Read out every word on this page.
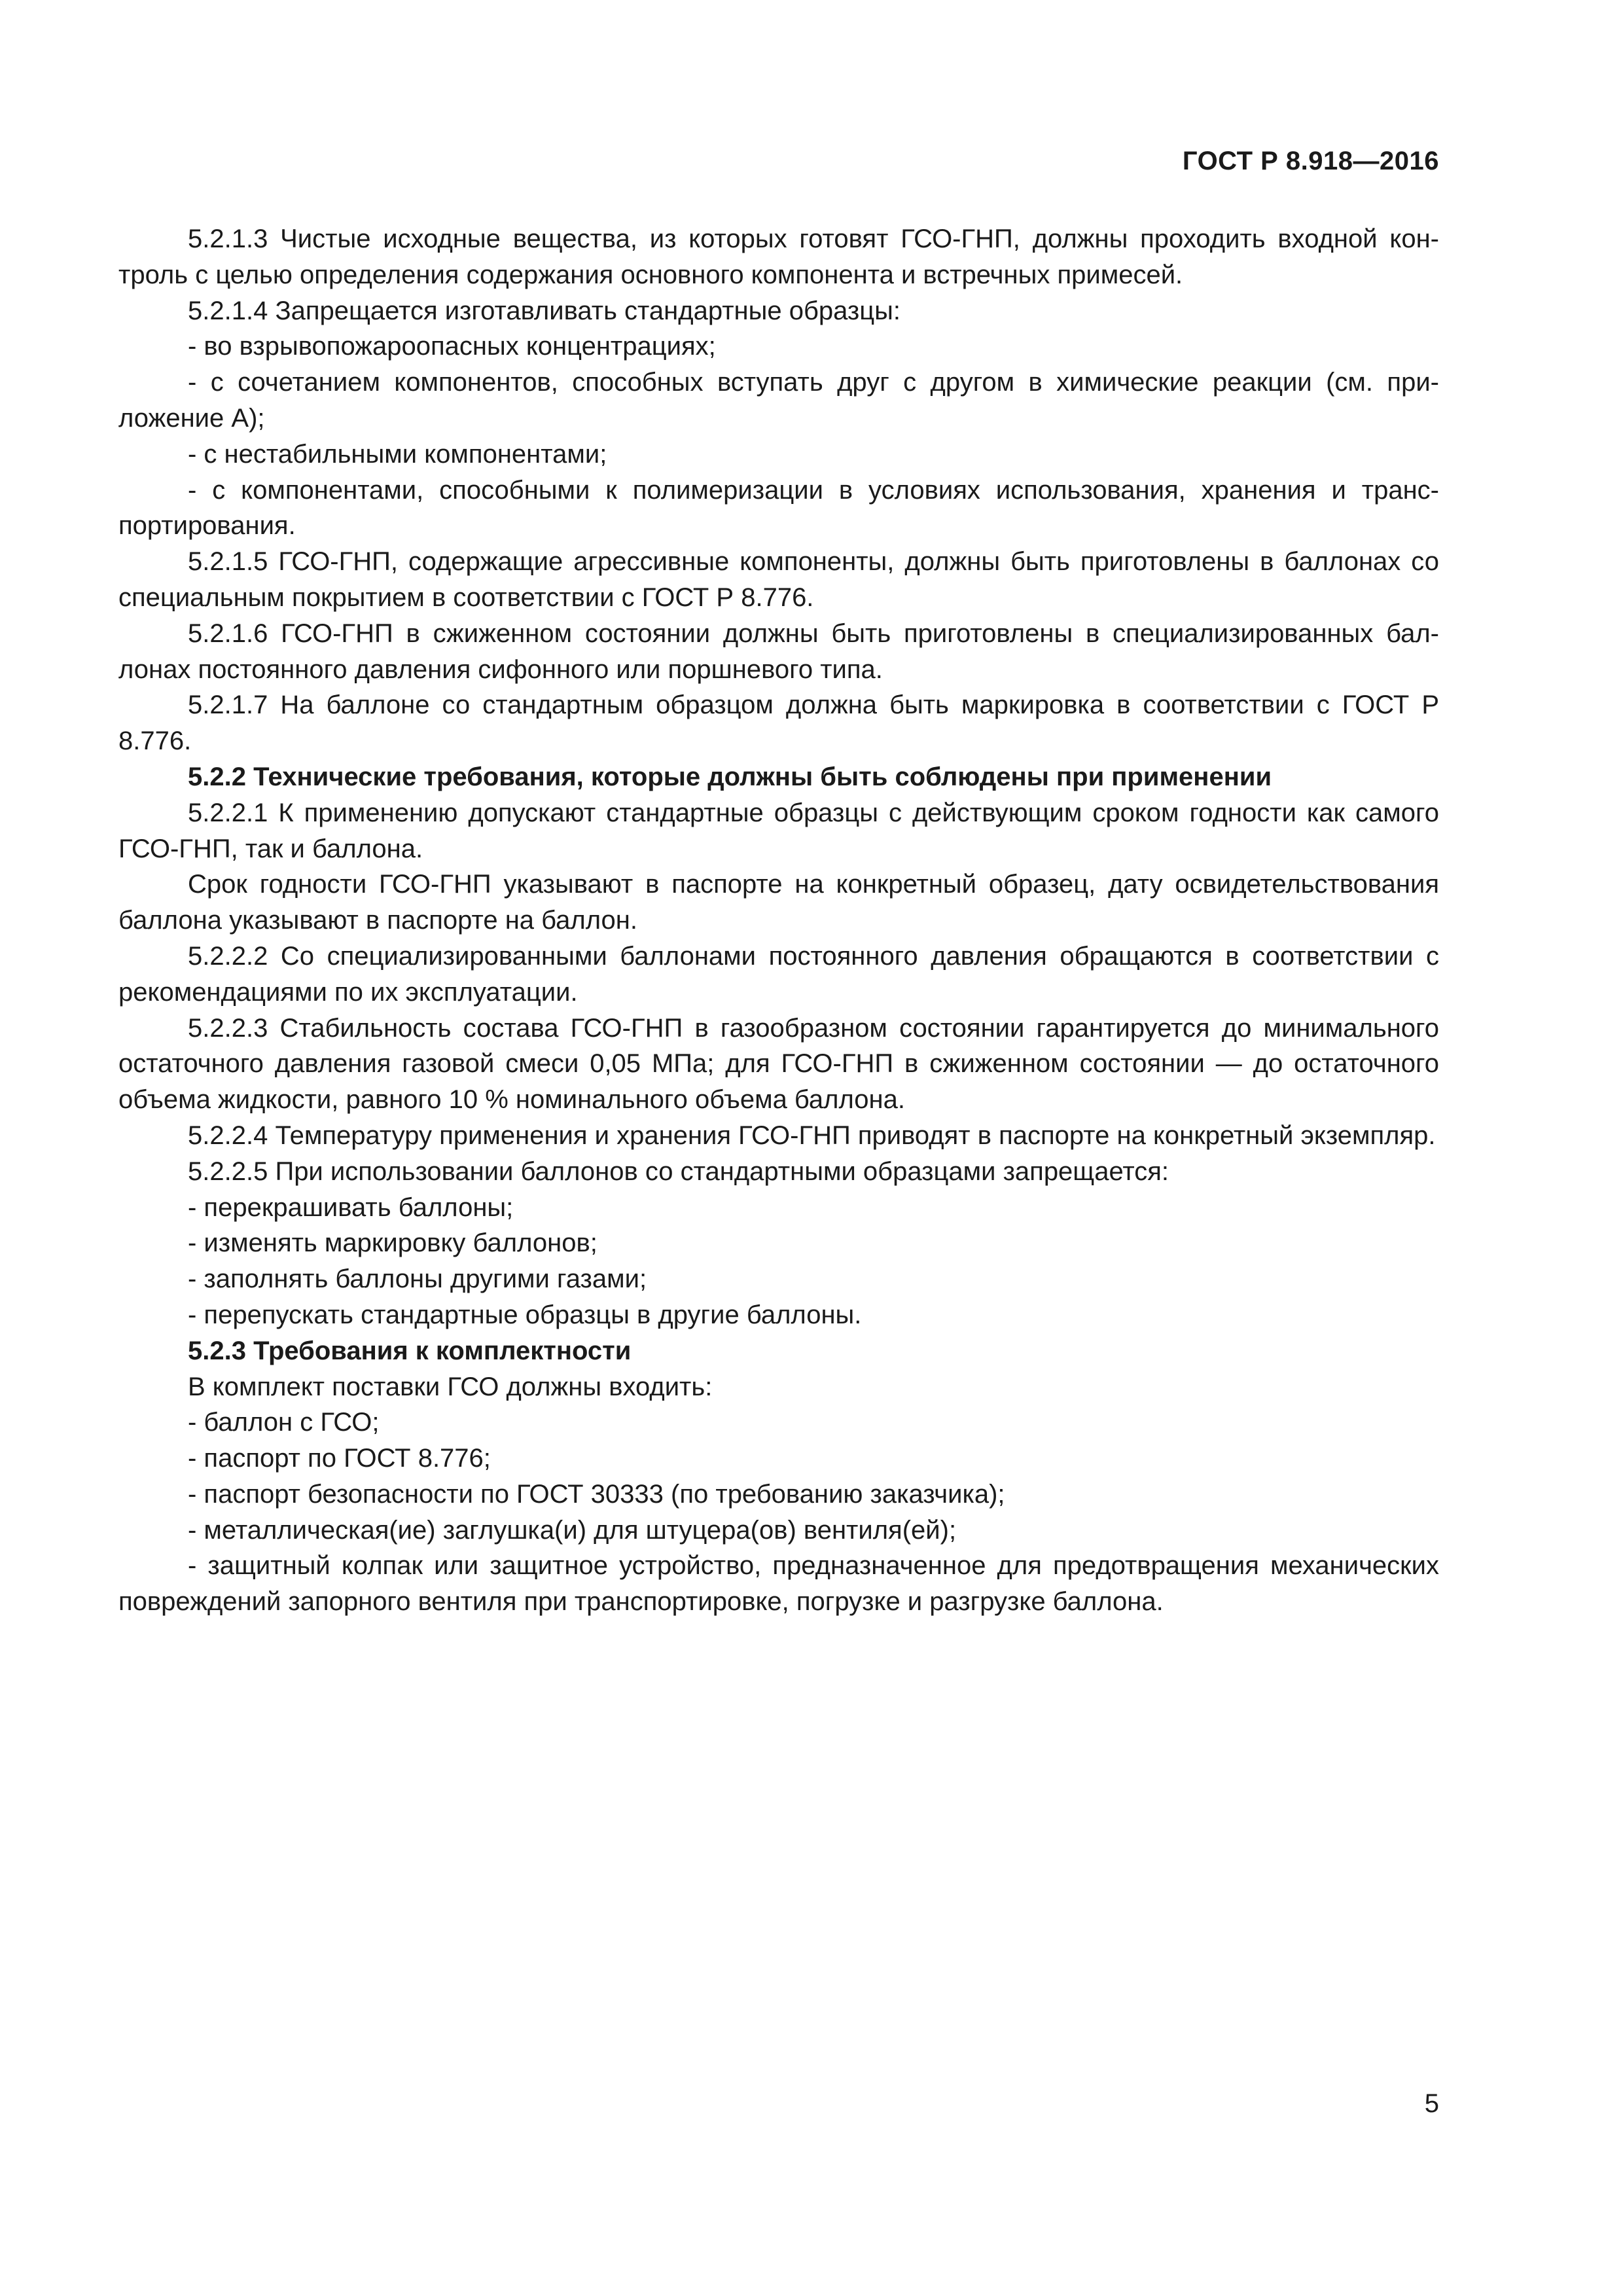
ГОСТ Р 8.918—2016

5.2.1.3 Чистые исходные вещества, из которых готовят ГСО-ГНП, должны проходить входной контроль с целью определения содержания основного компонента и встречных примесей.

5.2.1.4 Запрещается изготавливать стандартные образцы:

- во взрывопожароопасных концентрациях;

- с сочетанием компонентов, способных вступать друг с другом в химические реакции (см. приложение А);

- с нестабильными компонентами;

- с компонентами, способными к полимеризации в условиях использования, хранения и транспортирования.

5.2.1.5 ГСО-ГНП, содержащие агрессивные компоненты, должны быть приготовлены в баллонах со специальным покрытием в соответствии с ГОСТ Р 8.776.

5.2.1.6 ГСО-ГНП в сжиженном состоянии должны быть приготовлены в специализированных баллонах постоянного давления сифонного или поршневого типа.

5.2.1.7 На баллоне со стандартным образцом должна быть маркировка в соответствии с ГОСТ Р 8.776.

5.2.2 Технические требования, которые должны быть соблюдены при применении

5.2.2.1 К применению допускают стандартные образцы с действующим сроком годности как самого ГСО-ГНП, так и баллона.

Срок годности ГСО-ГНП указывают в паспорте на конкретный образец, дату освидетельствования баллона указывают в паспорте на баллон.

5.2.2.2 Со специализированными баллонами постоянного давления обращаются в соответствии с рекомендациями по их эксплуатации.

5.2.2.3 Стабильность состава ГСО-ГНП в газообразном состоянии гарантируется до минимального остаточного давления газовой смеси 0,05 МПа; для ГСО-ГНП в сжиженном состоянии — до остаточного объема жидкости, равного 10 % номинального объема баллона.

5.2.2.4 Температуру применения и хранения ГСО-ГНП приводят в паспорте на конкретный экземпляр.

5.2.2.5 При использовании баллонов со стандартными образцами запрещается:

- перекрашивать баллоны;

- изменять маркировку баллонов;

- заполнять баллоны другими газами;

- перепускать стандартные образцы в другие баллоны.

5.2.3 Требования к комплектности

В комплект поставки ГСО должны входить:

- баллон с ГСО;

- паспорт по ГОСТ 8.776;

- паспорт безопасности по ГОСТ 30333 (по требованию заказчика);

- металлическая(ие) заглушка(и) для штуцера(ов) вентиля(ей);

- защитный колпак или защитное устройство, предназначенное для предотвращения механических повреждений запорного вентиля при транспортировке, погрузке и разгрузке баллона.

5
